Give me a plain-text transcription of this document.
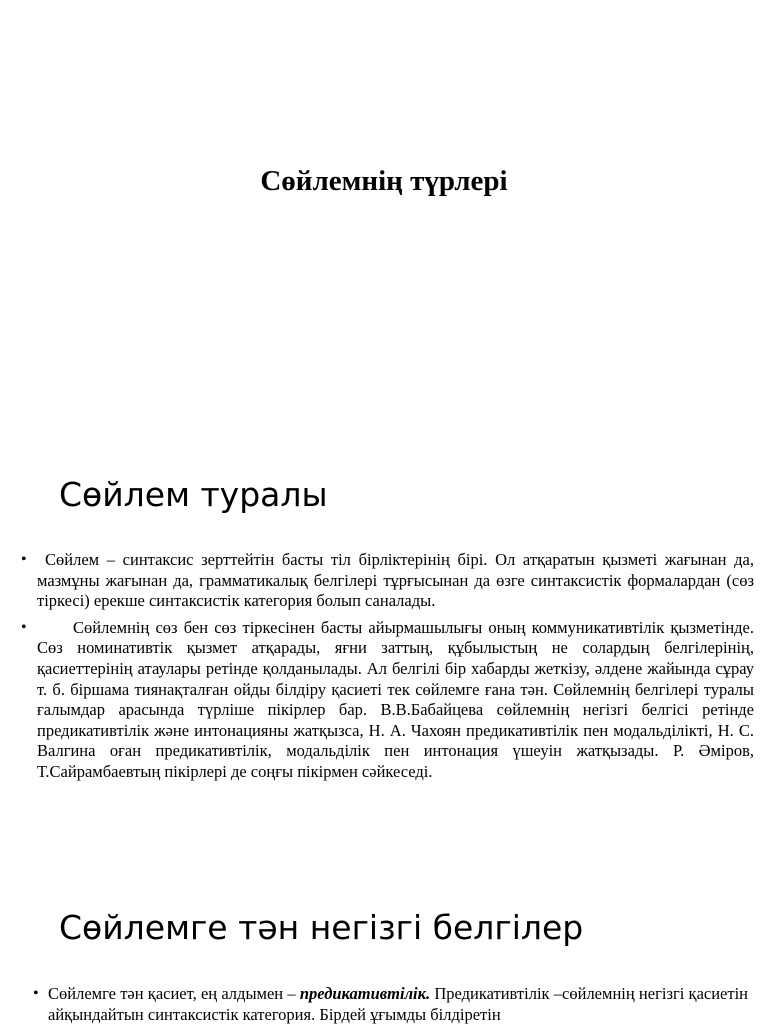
Сөйлемнің түрлері
Сөйлем туралы
• Сөйлем – синтаксис зерттейтін басты тіл бірліктерінің бірі. Ол атқаратын қызметі жағынан да, мазмұны жағынан да, грамматикалық белгілері тұрғысынан да өзге синтаксистік формалардан (сөз тіркесі) ерекше синтаксистік категория болып саналады.
•	Сөйлемнің сөз бен сөз тіркесінен басты айырмашылығы оның коммуникативтілік қызметінде. Сөз номинативтік қызмет атқарады, яғни заттың, құбылыстың не солардың белгілерінің, қасиеттерінің атаулары ретінде қолданылады. Ал белгілі бір хабарды жеткізу, әлдене жайында сұрау т. б. біршама тиянақталған ойды білдіру қасиеті тек сөйлемге ғана тән. Сөйлемнің белгілері туралы ғалымдар арасында түрліше пікірлер бар. В.В.Бабайцева сөйлемнің негізгі белгісі ретінде предикативтілік және интонацияны жатқызса, Н. А. Чахоян предикативтілік пен модальділікті, Н. С. Валгина оған предикативтілік, модальділік пен интонация үшеуін жатқызады. Р. Әміров, Т.Сайрамбаевтың пікірлері де соңғы пікірмен сәйкеседі.
Сөйлемге тән негізгі белгілер
• Сөйлемге тән қасиет, ең алдымен – предикативтілік. Предикативтілік –сөйлемнің негізгі қасиетін айқындайтын синтаксистік категория. Бірдей ұғымды білдіретін
